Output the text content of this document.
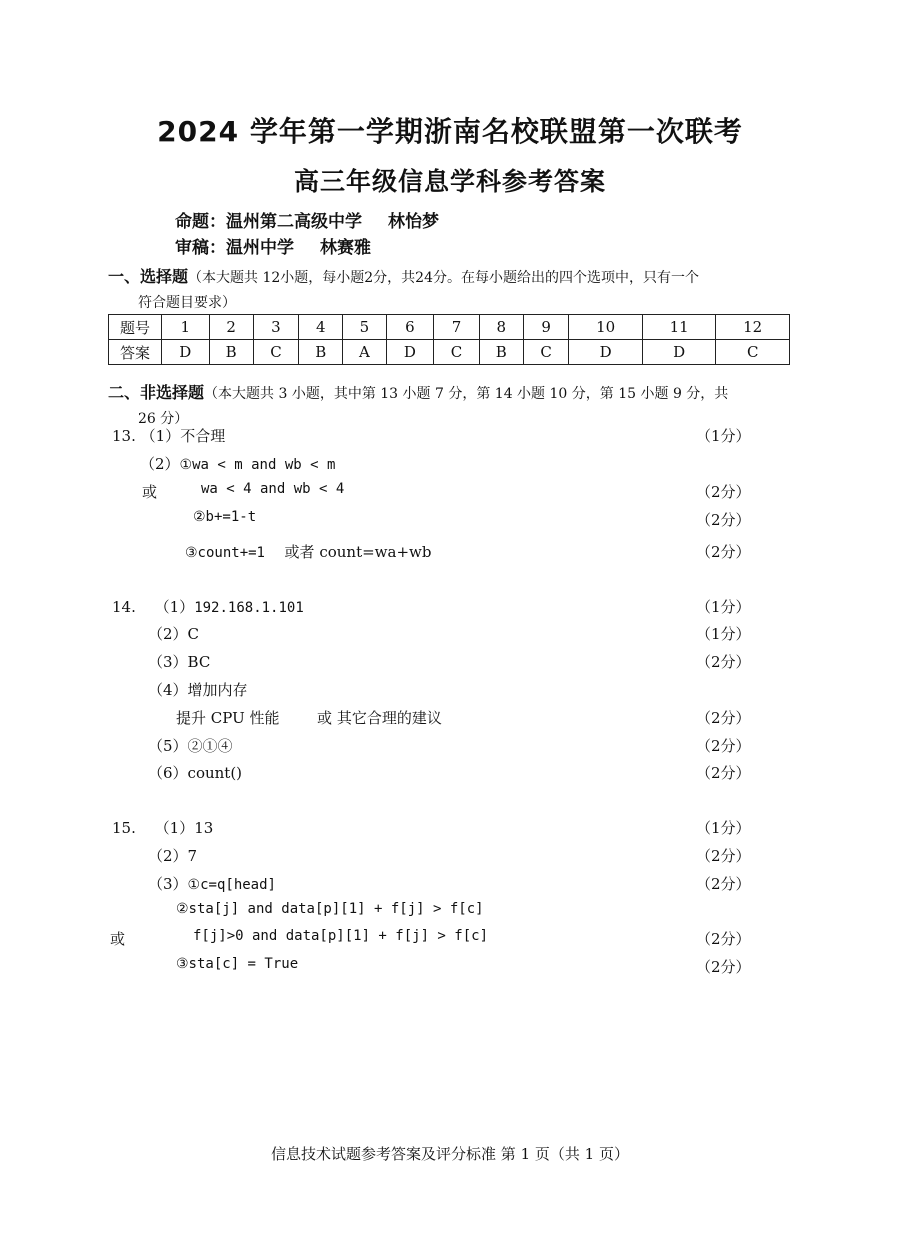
2024 学年第一学期浙南名校联盟第一次联考
高三年级信息学科参考答案
命题：温州第二高级中学 林怡梦
审稿：温州中学 林赛雅
一、选择题（本大题共 12小题，每小题2分，共24分。在每小题给出的四个选项中，只有一个
符合题目要求）
题号	1	2	3	4	5	6	7	8	9	10	11	12
答案	D	B	C	B	A	D	C	B	C	D	D	C
二、非选择题（本大题共 3 小题，其中第 13 小题 7 分，第 14 小题 10 分，第 15 小题 9 分，共
26 分）
13. （1）不合理	（1分）
（2）①wa < m and wb < m
或	wa < 4 and wb < 4	（2分）
②b+=1-t	（2分）
③count+=1 或者 count=wa+wb	（2分）
14. （1）192.168.1.101	（1分）
（2）C	（1分）
（3）BC	（2分）
（4）增加内存
提升 CPU 性能	或 其它合理的建议	（2分）
（5）②①④	（2分）
（6）count()	（2分）
15. （1）13	（1分）
（2）7	（2分）
（3）①c=q[head]	（2分）
②sta[j] and data[p][1] + f[j] > f[c]
或	f[j]>0 and data[p][1] + f[j] > f[c]	（2分）
③sta[c] = True	（2分）
信息技术试题参考答案及评分标准 第 1 页（共 1 页）
